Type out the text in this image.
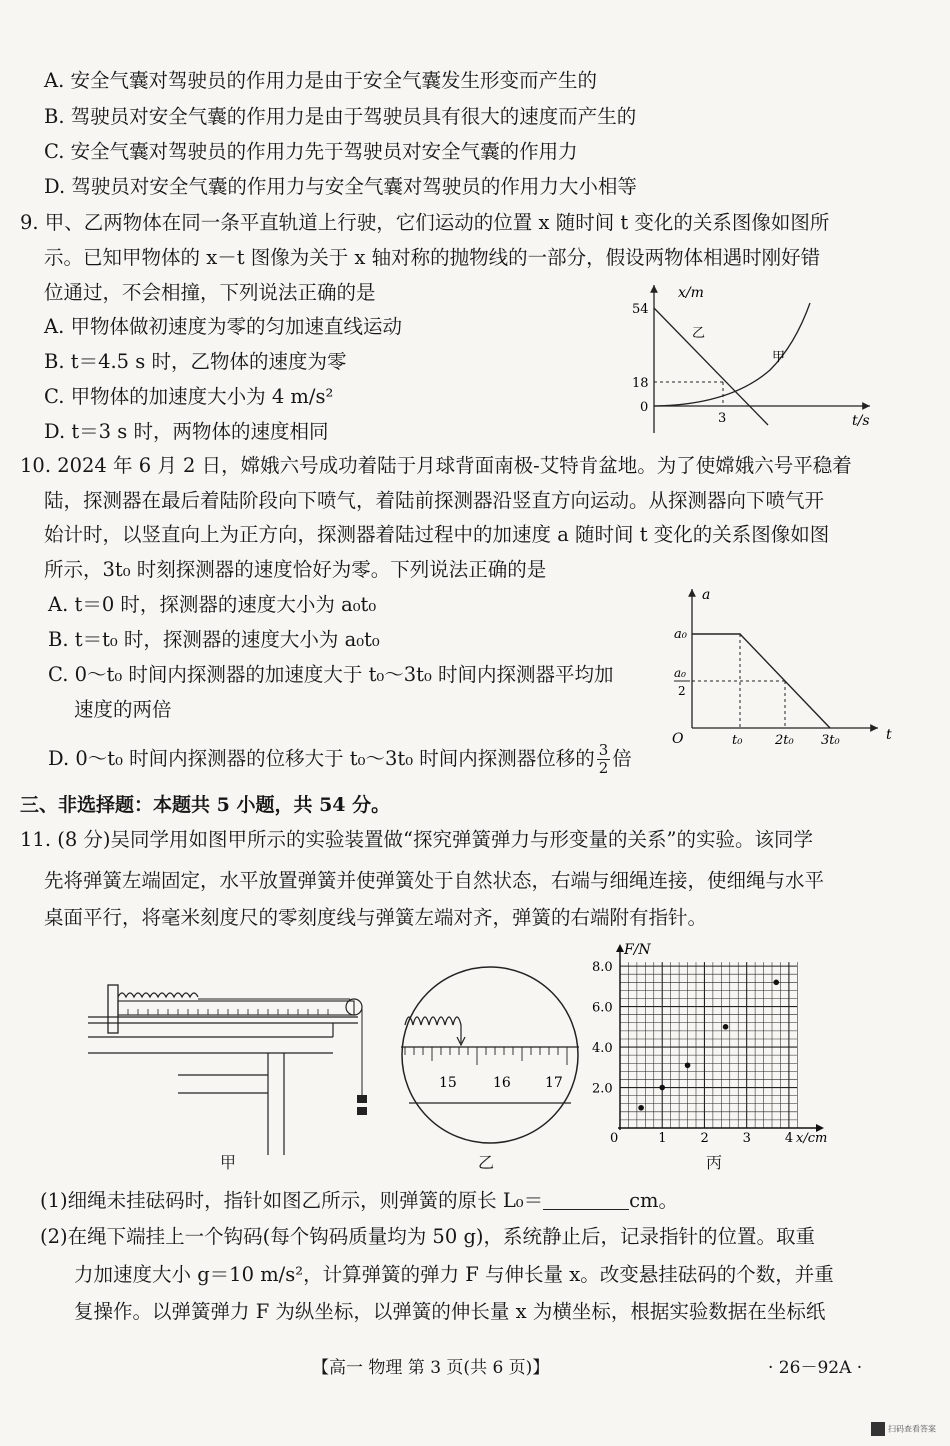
A. 安全气囊对驾驶员的作用力是由于安全气囊发生形变而产生的
B. 驾驶员对安全气囊的作用力是由于驾驶员具有很大的速度而产生的
C. 安全气囊对驾驶员的作用力先于驾驶员对安全气囊的作用力
D. 驾驶员对安全气囊的作用力与安全气囊对驾驶员的作用力大小相等
9. 甲、乙两物体在同一条平直轨道上行驶，它们运动的位置 x 随时间 t 变化的关系图像如图所
示。已知甲物体的 x－t 图像为关于 x 轴对称的抛物线的一部分，假设两物体相遇时刚好错
位通过，不会相撞，下列说法正确的是
A. 甲物体做初速度为零的匀加速直线运动
B. t＝4.5 s 时，乙物体的速度为零
C. 甲物体的加速度大小为 4 m/s²
D. t＝3 s 时，两物体的速度相同
x/m
t/s
54
18
0
3
乙
甲
10. 2024 年 6 月 2 日，嫦娥六号成功着陆于月球背面南极-艾特肯盆地。为了使嫦娥六号平稳着
陆，探测器在最后着陆阶段向下喷气，着陆前探测器沿竖直方向运动。从探测器向下喷气开
始计时，以竖直向上为正方向，探测器着陆过程中的加速度 a 随时间 t 变化的关系图像如图
所示，3t₀ 时刻探测器的速度恰好为零。下列说法正确的是
A. t＝0 时，探测器的速度大小为 a₀t₀
B. t＝t₀ 时，探测器的速度大小为 a₀t₀
C. 0～t₀ 时间内探测器的加速度大于 t₀～3t₀ 时间内探测器平均加
速度的两倍
D. 0～t₀ 时间内探测器的位移大于 t₀～3t₀ 时间内探测器位移的 $\frac{3}{2}$ 倍
a
t
O
a₀
a₀
2
t₀	2t₀ 3t₀
三、非选择题：本题共 5 小题，共 54 分。
11. (8 分)吴同学用如图甲所示的实验装置做“探究弹簧弹力与形变量的关系”的实验。该同学
先将弹簧左端固定，水平放置弹簧并使弹簧处于自然状态，右端与细绳连接，使细绳与水平
桌面平行，将毫米刻度尺的零刻度线与弹簧左端对齐，弹簧的右端附有指针。
甲
15	16 17
乙
0	1	2	3	4
2.0
4.0
6.0
8.0
F/N
x/cm
丙
(1)细绳未挂砝码时，指针如图乙所示，则弹簧的原长 L₀＝	cm。
(2)在绳下端挂上一个钩码(每个钩码质量均为 50 g)，系统静止后，记录指针的位置。取重
力加速度大小 g＝10 m/s²，计算弹簧的弹力 F 与伸长量 x。改变悬挂砝码的个数，并重
复操作。以弹簧弹力 F 为纵坐标，以弹簧的伸长量 x 为横坐标，根据实验数据在坐标纸
【高一 物理 第 3 页(共 6 页)】	· 26－92A ·
扫码查看答案
